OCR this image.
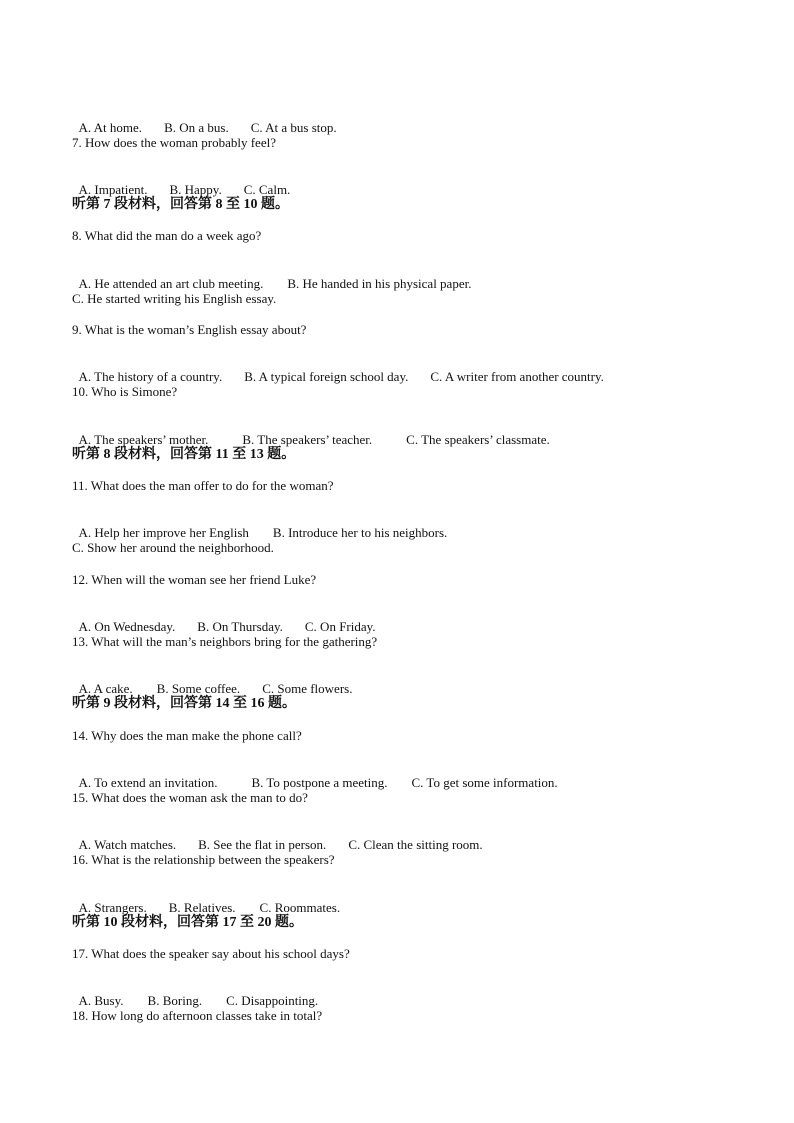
A. At home. B. On a bus. C. At a bus stop.

7. How does the woman probably feel?

A. Impatient. B. Happy. C. Calm.

听第 7 段材料，回答第 8 至 10 题。
8. What did the man do a week ago?

A. He attended an art club meeting. B. He handed in his physical paper.

C. He started writing his English essay.
9. What is the woman’s English essay about?

A. The history of a country. B. A typical foreign school day. C. A writer from another country.

10. Who is Simone?

A. The speakers’ mother.	B. The speakers’ teacher.	C. The speakers’ classmate.

听第 8 段材料，回答第 11 至 13 题。
11. What does the man offer to do for the woman?

A. Help her improve her English B. Introduce her to his neighbors.

C. Show her around the neighborhood.
12. When will the woman see her friend Luke?

A. On Wednesday. B. On Thursday. C. On Friday.

13. What will the man’s neighbors bring for the gathering?

A. A cake. B. Some coffee. C. Some flowers.

听第 9 段材料，回答第 14 至 16 题。
14. Why does the man make the phone call?

A. To extend an invitation.	B. To postpone a meeting. C. To get some information.

15. What does the woman ask the man to do?

A. Watch matches. B. See the flat in person. C. Clean the sitting room.

16. What is the relationship between the speakers?

A. Strangers. B. Relatives. C. Roommates.

听第 10 段材料，回答第 17 至 20 题。
17. What does the speaker say about his school days?

A. Busy. B. Boring. C. Disappointing.

18. How long do afternoon classes take in total?
